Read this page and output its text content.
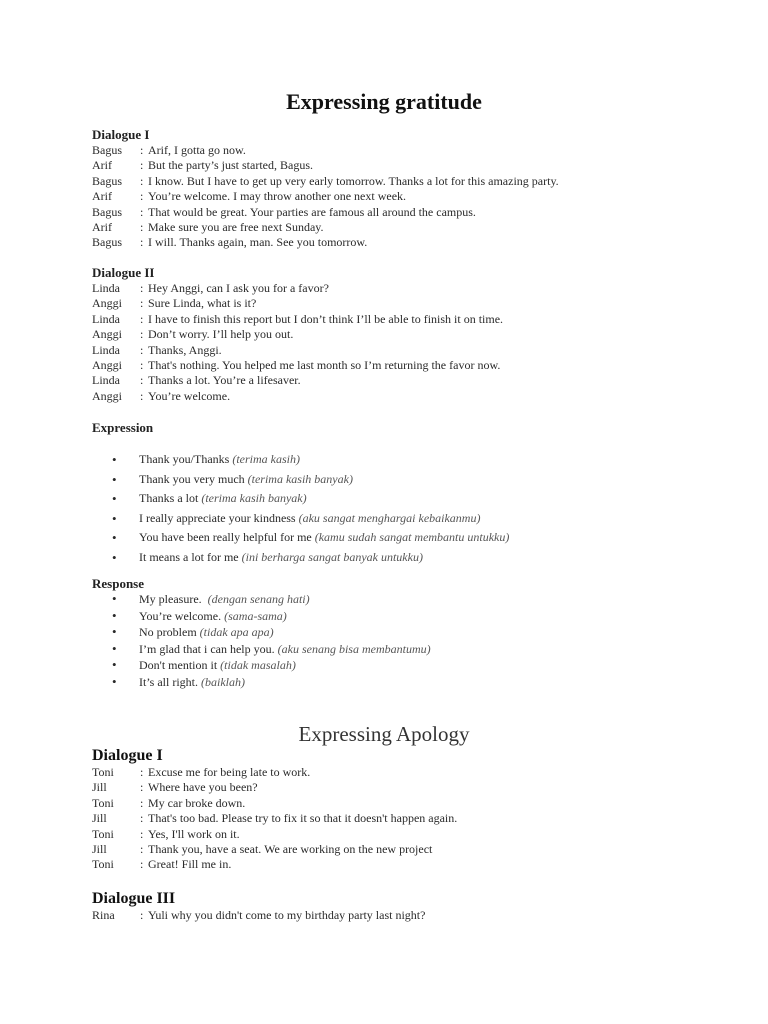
Expressing gratitude
Dialogue I
Bagus	: Arif, I gotta go now.
Arif	: But the party’s just started, Bagus.
Bagus	: I know. But I have to get up very early tomorrow. Thanks a lot for this amazing party.
Arif	: You’re welcome. I may throw another one next week.
Bagus	: That would be great. Your parties are famous all around the campus.
Arif	: Make sure you are free next Sunday.
Bagus	: I will. Thanks again, man. See you tomorrow.
Dialogue II
Linda	: Hey Anggi, can I ask you for a favor?
Anggi	: Sure Linda, what is it?
Linda	: I have to finish this report but I don’t think I’ll be able to finish it on time.
Anggi	: Don’t worry. I’ll help you out.
Linda	: Thanks, Anggi.
Anggi	: That's nothing. You helped me last month so I’m returning the favor now.
Linda	: Thanks a lot. You’re a lifesaver.
Anggi	: You’re welcome.
Expression
• Thank you/Thanks (terima kasih)
• Thank you very much (terima kasih banyak)
• Thanks a lot (terima kasih banyak)
• I really appreciate your kindness (aku sangat menghargai kebaikanmu)
• You have been really helpful for me (kamu sudah sangat membantu untukku)
• It means a lot for me (ini berharga sangat banyak untukku)
Response
• My pleasure.  (dengan senang hati)
• You’re welcome. (sama-sama)
• No problem (tidak apa apa)
• I’m glad that i can help you. (aku senang bisa membantumu)
• Don't mention it (tidak masalah)
• It’s all right. (baiklah)
Expressing Apology
Dialogue I
Toni	: Excuse me for being late to work.
Jill	: Where have you been?
Toni	: My car broke down.
Jill	: That's too bad. Please try to fix it so that it doesn't happen again.
Toni	: Yes, I'll work on it.
Jill	: Thank you, have a seat. We are working on the new project
Toni	: Great! Fill me in.
Dialogue III
Rina	: Yuli why you didn't come to my birthday party last night?
